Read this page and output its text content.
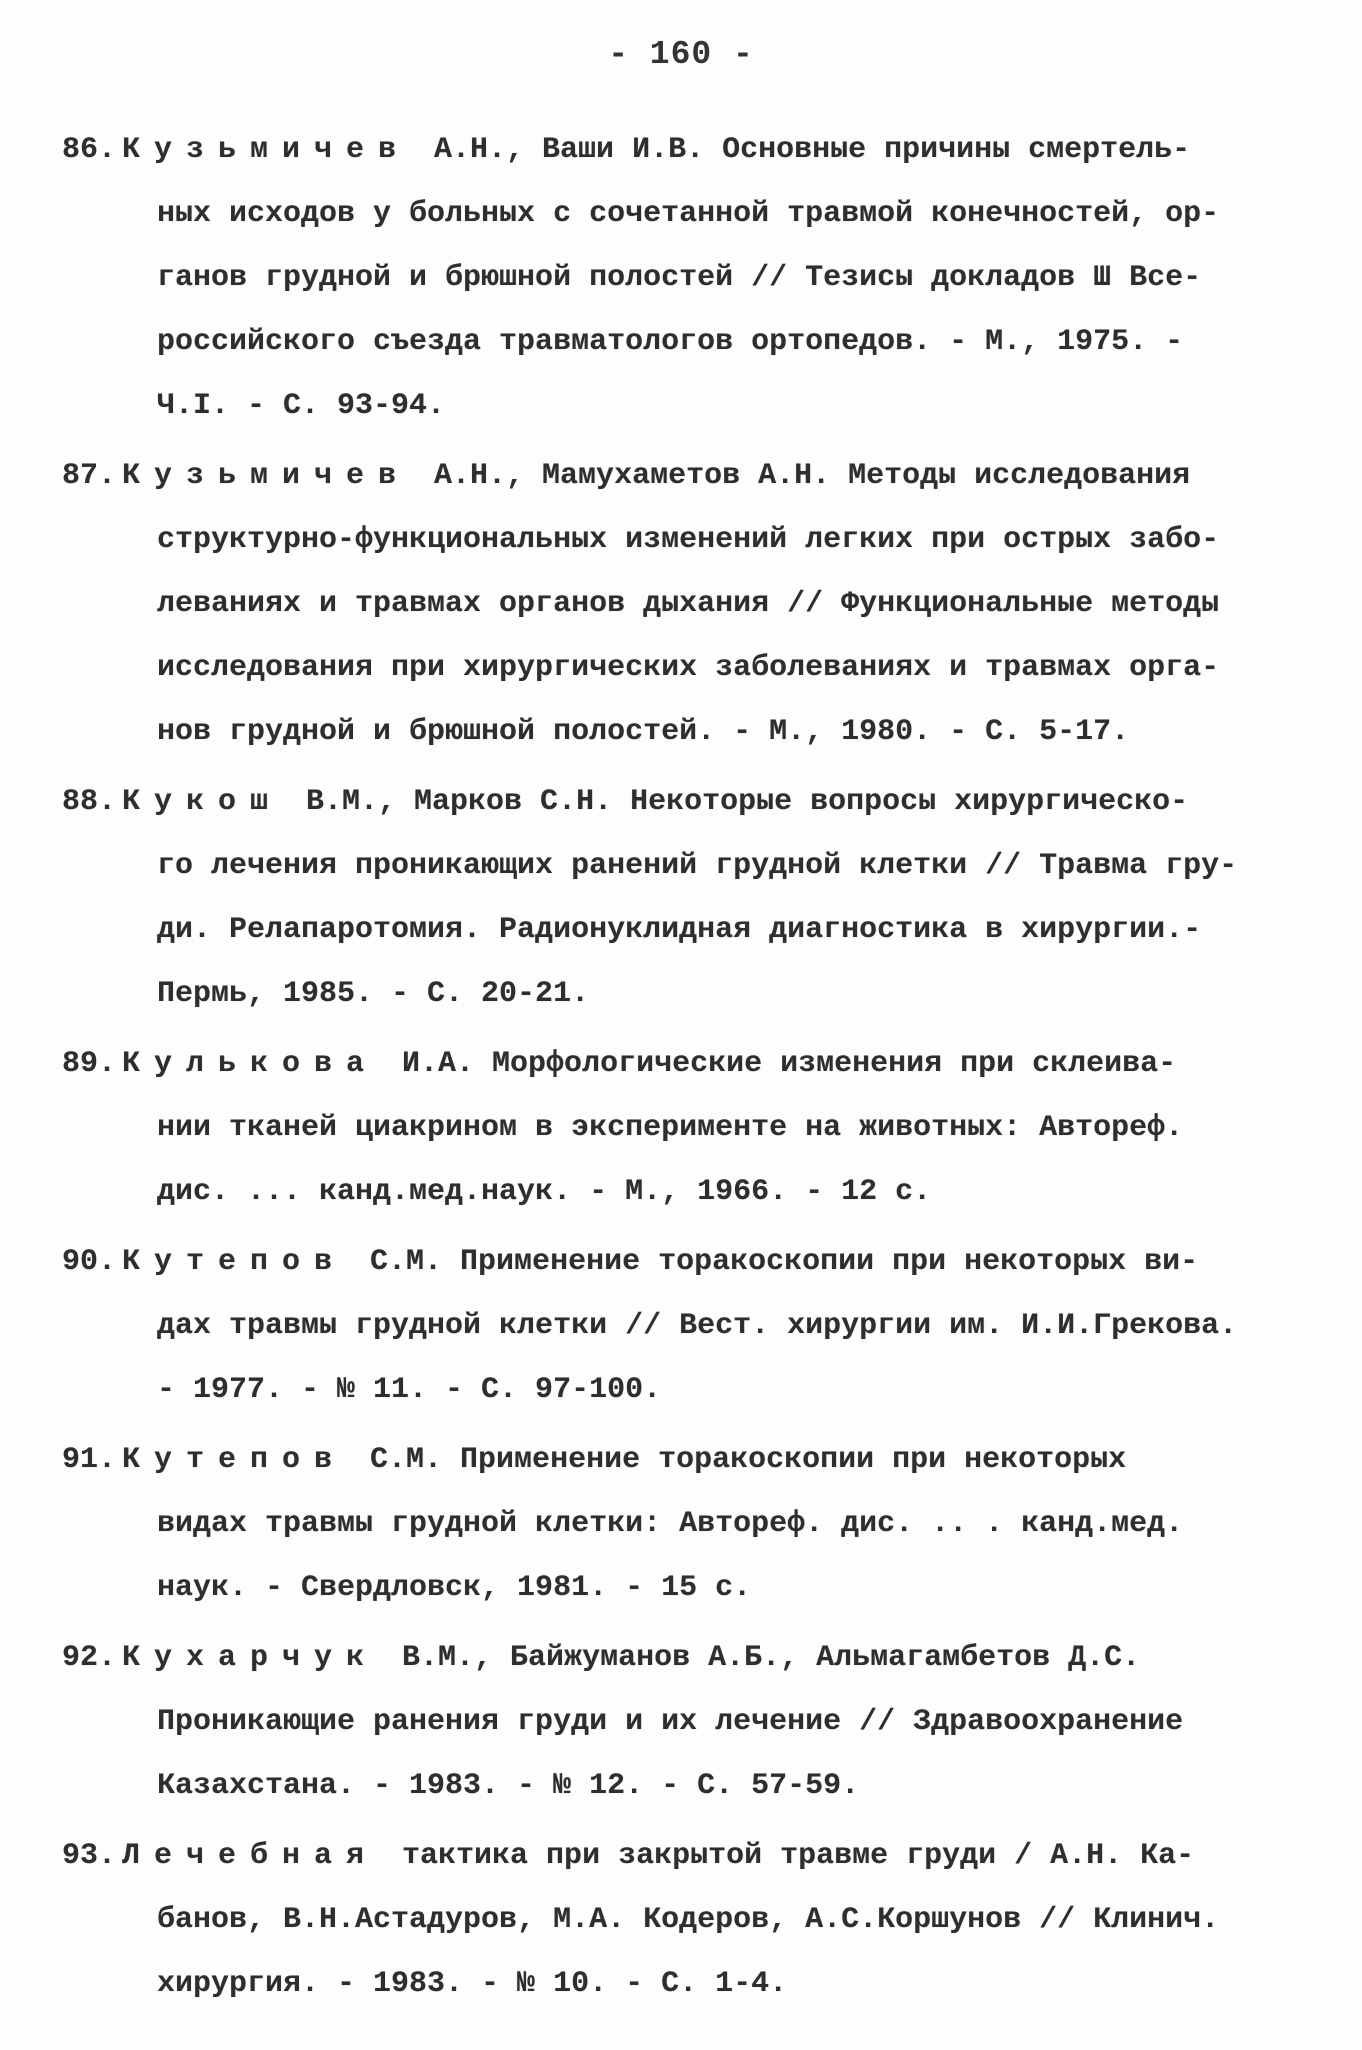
- 160 -
86. Кузьмичев А.Н., Ваши И.В. Основные причины смертель-
ных исходов у больных с сочетанной травмой конечностей, ор-
ганов грудной и брюшной полостей // Тезисы докладов Ш Все-
российского съезда травматологов ортопедов. - М., 1975. -
Ч.I. - С. 93-94.
87. Кузьмичев А.Н., Мамухаметов А.Н. Методы исследования
структурно-функциональных изменений легких при острых забо-
леваниях и травмах органов дыхания // Функциональные методы
исследования при хирургических заболеваниях и травмах орга-
нов грудной и брюшной полостей. - М., 1980. - С. 5-17.
88. Кукош В.М., Марков С.Н. Некоторые вопросы хирургическо-
го лечения проникающих ранений грудной клетки // Травма гру-
ди. Релапаротомия. Радионуклидная диагностика в хирургии.-
Пермь, 1985. - С. 20-21.
89. Кулькова И.А. Морфологические изменения при склеива-
нии тканей циакрином в эксперименте на животных: Автореф.
дис. ... канд.мед.наук. - М., 1966. - 12 с.
90. Кутепов С.М. Применение торакоскопии при некоторых ви-
дах травмы грудной клетки // Вест. хирургии им. И.И.Грекова.
- 1977. - № 11. - С. 97-100.
91. Кутепов С.М. Применение торакоскопии при некоторых
видах травмы грудной клетки: Автореф. дис. .. . канд.мед.
наук. - Свердловск, 1981. - 15 с.
92. Кухарчук В.М., Байжуманов А.Б., Альмагамбетов Д.С.
Проникающие ранения груди и их лечение // Здравоохранение
Казахстана. - 1983. - № 12. - С. 57-59.
93. Лечебная тактика при закрытой травме груди / А.Н. Ка-
банов, В.Н.Астадуров, М.А. Кодеров, А.С.Коршунов // Клинич.
хирургия. - 1983. - № 10. - С. 1-4.
